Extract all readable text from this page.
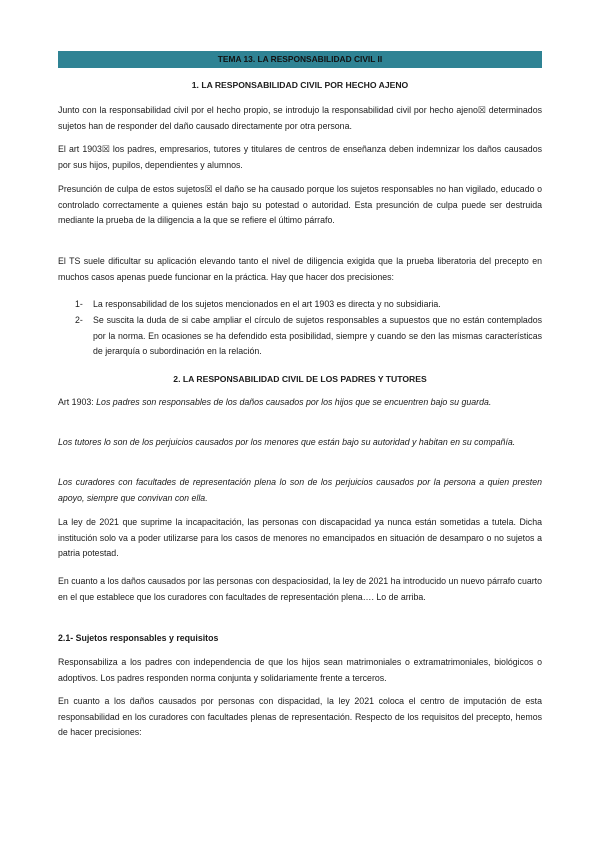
TEMA 13. LA RESPONSABILIDAD CIVIL II
1. LA RESPONSABILIDAD CIVIL POR HECHO AJENO

Junto con la responsabilidad civil por el hecho propio, se introdujo la responsabilidad civil por hecho ajeno☒ determinados sujetos han de responder del daño causado directamente por otra persona.

El art 1903☒ los padres, empresarios, tutores y titulares de centros de enseñanza deben indemnizar los daños causados por sus hijos, pupilos, dependientes y alumnos.

Presunción de culpa de estos sujetos☒ el daño se ha causado porque los sujetos responsables no han vigilado, educado o controlado correctamente a quienes están bajo su potestad o autoridad. Esta presunción de culpa puede ser destruida mediante la prueba de la diligencia a la que se refiere el último párrafo.

El TS suele dificultar su aplicación elevando tanto el nivel de diligencia exigida que la prueba liberatoria del precepto en muchos casos apenas puede funcionar en la práctica. Hay que hacer dos precisiones:

1- La responsabilidad de los sujetos mencionados en el art 1903 es directa y no subsidiaria.
2- Se suscita la duda de si cabe ampliar el círculo de sujetos responsables a supuestos que no están contemplados por la norma. En ocasiones se ha defendido esta posibilidad, siempre y cuando se den las mismas características de jerarquía o subordinación en la relación.
2. LA RESPONSABILIDAD CIVIL DE LOS PADRES Y TUTORES

Art 1903: Los padres son responsables de los daños causados por los hijos que se encuentren bajo su guarda.

Los tutores lo son de los perjuicios causados por los menores que están bajo su autoridad y habitan en su compañía.

Los curadores con facultades de representación plena lo son de los perjuicios causados por la persona a quien presten apoyo, siempre que convivan con ella.

La ley de 2021 que suprime la incapacitación, las personas con discapacidad ya nunca están sometidas a tutela. Dicha institución solo va a poder utilizarse para los casos de menores no emancipados en situación de desamparo o no sujetos a patria potestad.

En cuanto a los daños causados por las personas con despaciosidad, la ley de 2021 ha introducido un nuevo párrafo cuarto en el que establece que los curadores con facultades de representación plena…. Lo de arriba.

2.1- Sujetos responsables y requisitos

Responsabiliza a los padres con independencia de que los hijos sean matrimoniales o extramatrimoniales, biológicos o adoptivos. Los padres responden norma conjunta y solidariamente frente a terceros.

En cuanto a los daños causados por personas con dispacidad, la ley 2021 coloca el centro de imputación de esta responsabilidad en los curadores con facultades plenas de representación. Respecto de los requisitos del precepto, hemos de hacer precisiones:
